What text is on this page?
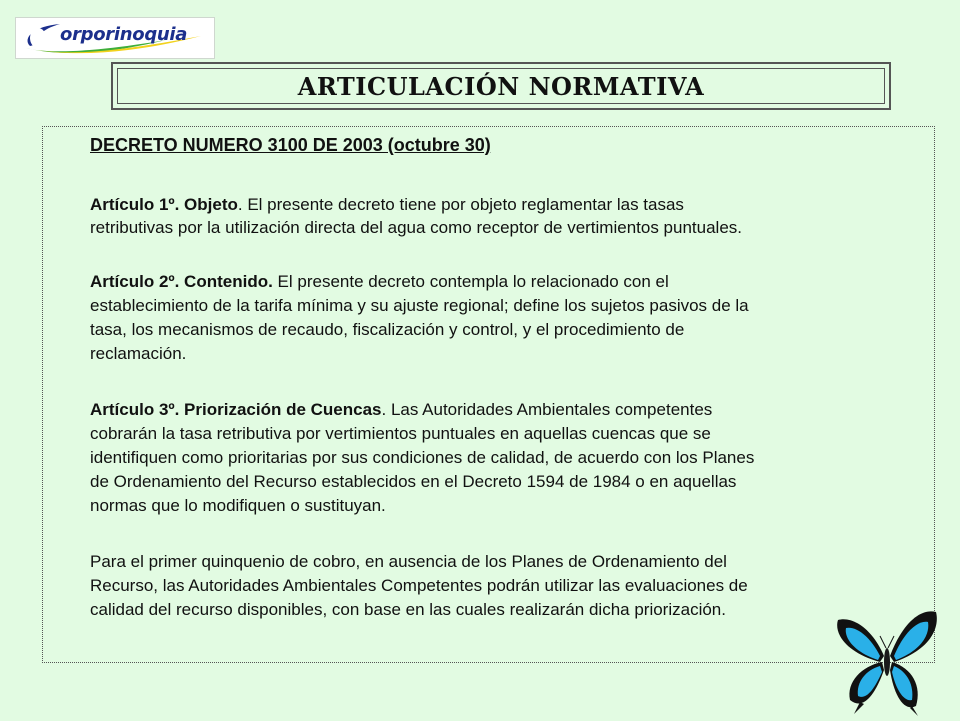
orporinoquia
ARTICULACIÓN NORMATIVA
DECRETO NUMERO 3100 DE 2003 (octubre 30)

Artículo 1º. Objeto. El presente decreto tiene por objeto reglamentar las tasas

retributivas por la utilización directa del agua como receptor de vertimientos puntuales.

Artículo 2º. Contenido. El presente decreto contempla lo relacionado con el

establecimiento de la tarifa mínima y su ajuste regional; define los sujetos pasivos de la

tasa, los mecanismos de recaudo, fiscalización y control, y el procedimiento de

reclamación.

Artículo 3º. Priorización de Cuencas. Las Autoridades Ambientales competentes

cobrarán la tasa retributiva por vertimientos puntuales en aquellas cuencas que se

identifiquen como prioritarias por sus condiciones de calidad, de acuerdo con los Planes

de Ordenamiento del Recurso establecidos en el Decreto 1594 de 1984 o en aquellas

normas que lo modifiquen o sustituyan.

Para el primer quinquenio de cobro, en ausencia de los Planes de Ordenamiento del

Recurso, las Autoridades Ambientales Competentes podrán utilizar las evaluaciones de

calidad del recurso disponibles, con base en las cuales realizarán dicha priorización.
